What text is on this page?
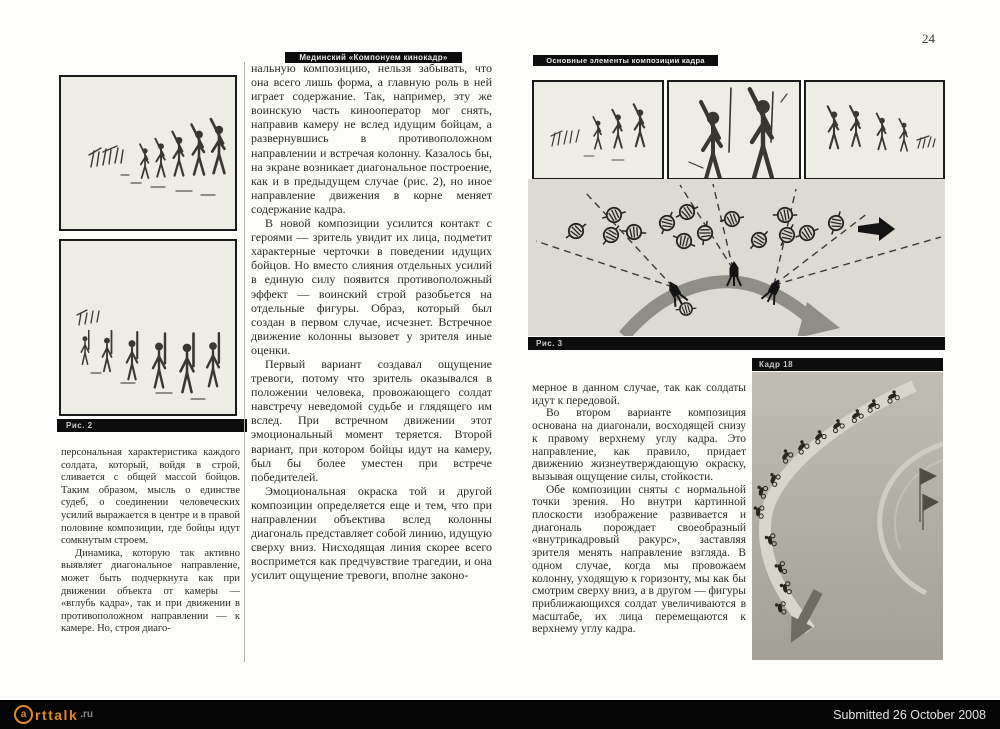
24
Мединский «Компонуем кинокадр»	Основные элементы композиции кадра
Рис. 2

персональная характеристика каждого солдата, который, войдя в строй, сливается с общей массой бойцов. Таким образом, мысль о единстве судеб, о соединении человеческих усилий выражается в центре и в правой половине композиции, где бойцы идут сомкнутым строем.

Динамика, которую так активно выявляет диагональное направление, может быть подчеркнута как при движении объекта от камеры — «вглубь кадра», так и при движении в противоположном направлении — к камере. Но, строя диаго-

нальную композицию, нельзя забывать, что она всего лишь форма, а главную роль в ней играет содержание. Так, например, эту же воинскую часть кинооператор мог снять, направив камеру не вслед идущим бойцам, а развернувшись в противоположном направлении и встречая колонну. Казалось бы, на экране возникает диагональное построение, как и в предыдущем случае (рис. 2), но иное направление движения в корне меняет содержание кадра.

В новой композиции усилится контакт с героями — зритель увидит их лица, подметит характерные черточки в поведении идущих бойцов. Но вместо слияния отдельных усилий в единую силу появится противоположный эффект — воинский строй разобьется на отдельные фигуры. Образ, который был создан в первом случае, исчезнет. Встречное движение колонны вызовет у зрителя иные оценки.

Первый вариант создавал ощущение тревоги, потому что зритель оказывался в положении человека, провожающего солдат навстречу неведомой судьбе и глядящего им вслед. При встречном движении этот эмоциональный момент теряется. Второй вариант, при котором бойцы идут на камеру, был бы более уместен при встрече победителей.

Эмоциональная окраска той и другой композиции определяется еще и тем, что при направлении объектива вслед колонны диагональ представляет собой линию, идущую сверху вниз. Нисходящая линия скорее всего воспримется как предчувствие трагедии, и она усилит ощущение тревоги, вполне законо-

Рис. 3
Кадр 18

мерное в данном случае, так как солдаты идут к передовой.

Во втором варианте композиция основана на диагонали, восходящей снизу к правому верхнему углу кадра. Это направление, как правило, придает движению жизнеутверждающую окраску, вызывая ощущение силы, стойкости.

Обе композиции сняты с нормальной точки зрения. Но внутри картинной плоскости изображение развивается и диагональ порождает своеобразный «внутрикадровый ракурс», заставляя зрителя менять направление взгляда. В одном случае, когда мы провожаем колонну, уходящую к горизонту, мы как бы смотрим сверху вниз, а в другом — фигуры приближающихся солдат увеличиваются в масштабе, их лица перемещаются к верхнему углу кадра.

a rttalk .ru	Submitted 26 October 2008
